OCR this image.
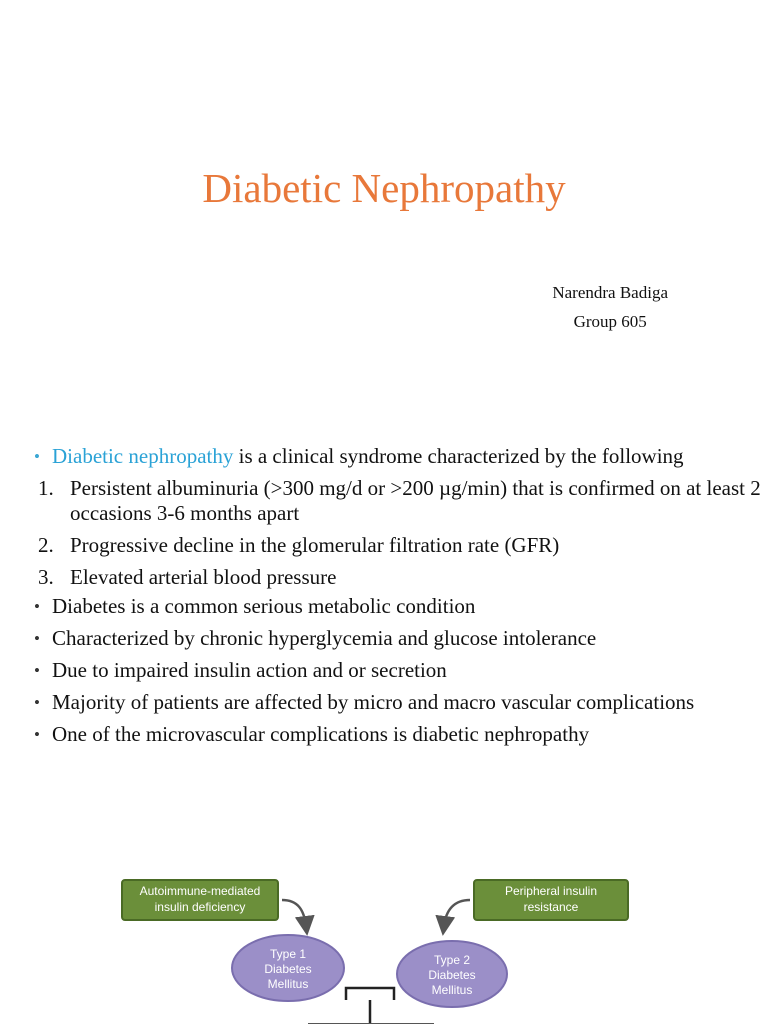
Diabetic Nephropathy
Narendra Badiga
Group 605
• Diabetic nephropathy is a clinical syndrome characterized by the following
1. Persistent albuminuria (>300 mg/d or >200 µg/min) that is confirmed on at least 2 occasions 3-6 months apart
2. Progressive decline in the glomerular filtration rate (GFR)
3. Elevated arterial blood pressure
• Diabetes is a common serious metabolic condition
• Characterized by chronic hyperglycemia and glucose intolerance
• Due to impaired insulin action and or secretion
• Majority of patients are affected by micro and macro vascular complications
• One of the microvascular complications is diabetic nephropathy
Autoimmune-mediated
insulin deficiency
Peripheral insulin
resistance
Type 1
Diabetes
Mellitus
Type 2
Diabetes
Mellitus
